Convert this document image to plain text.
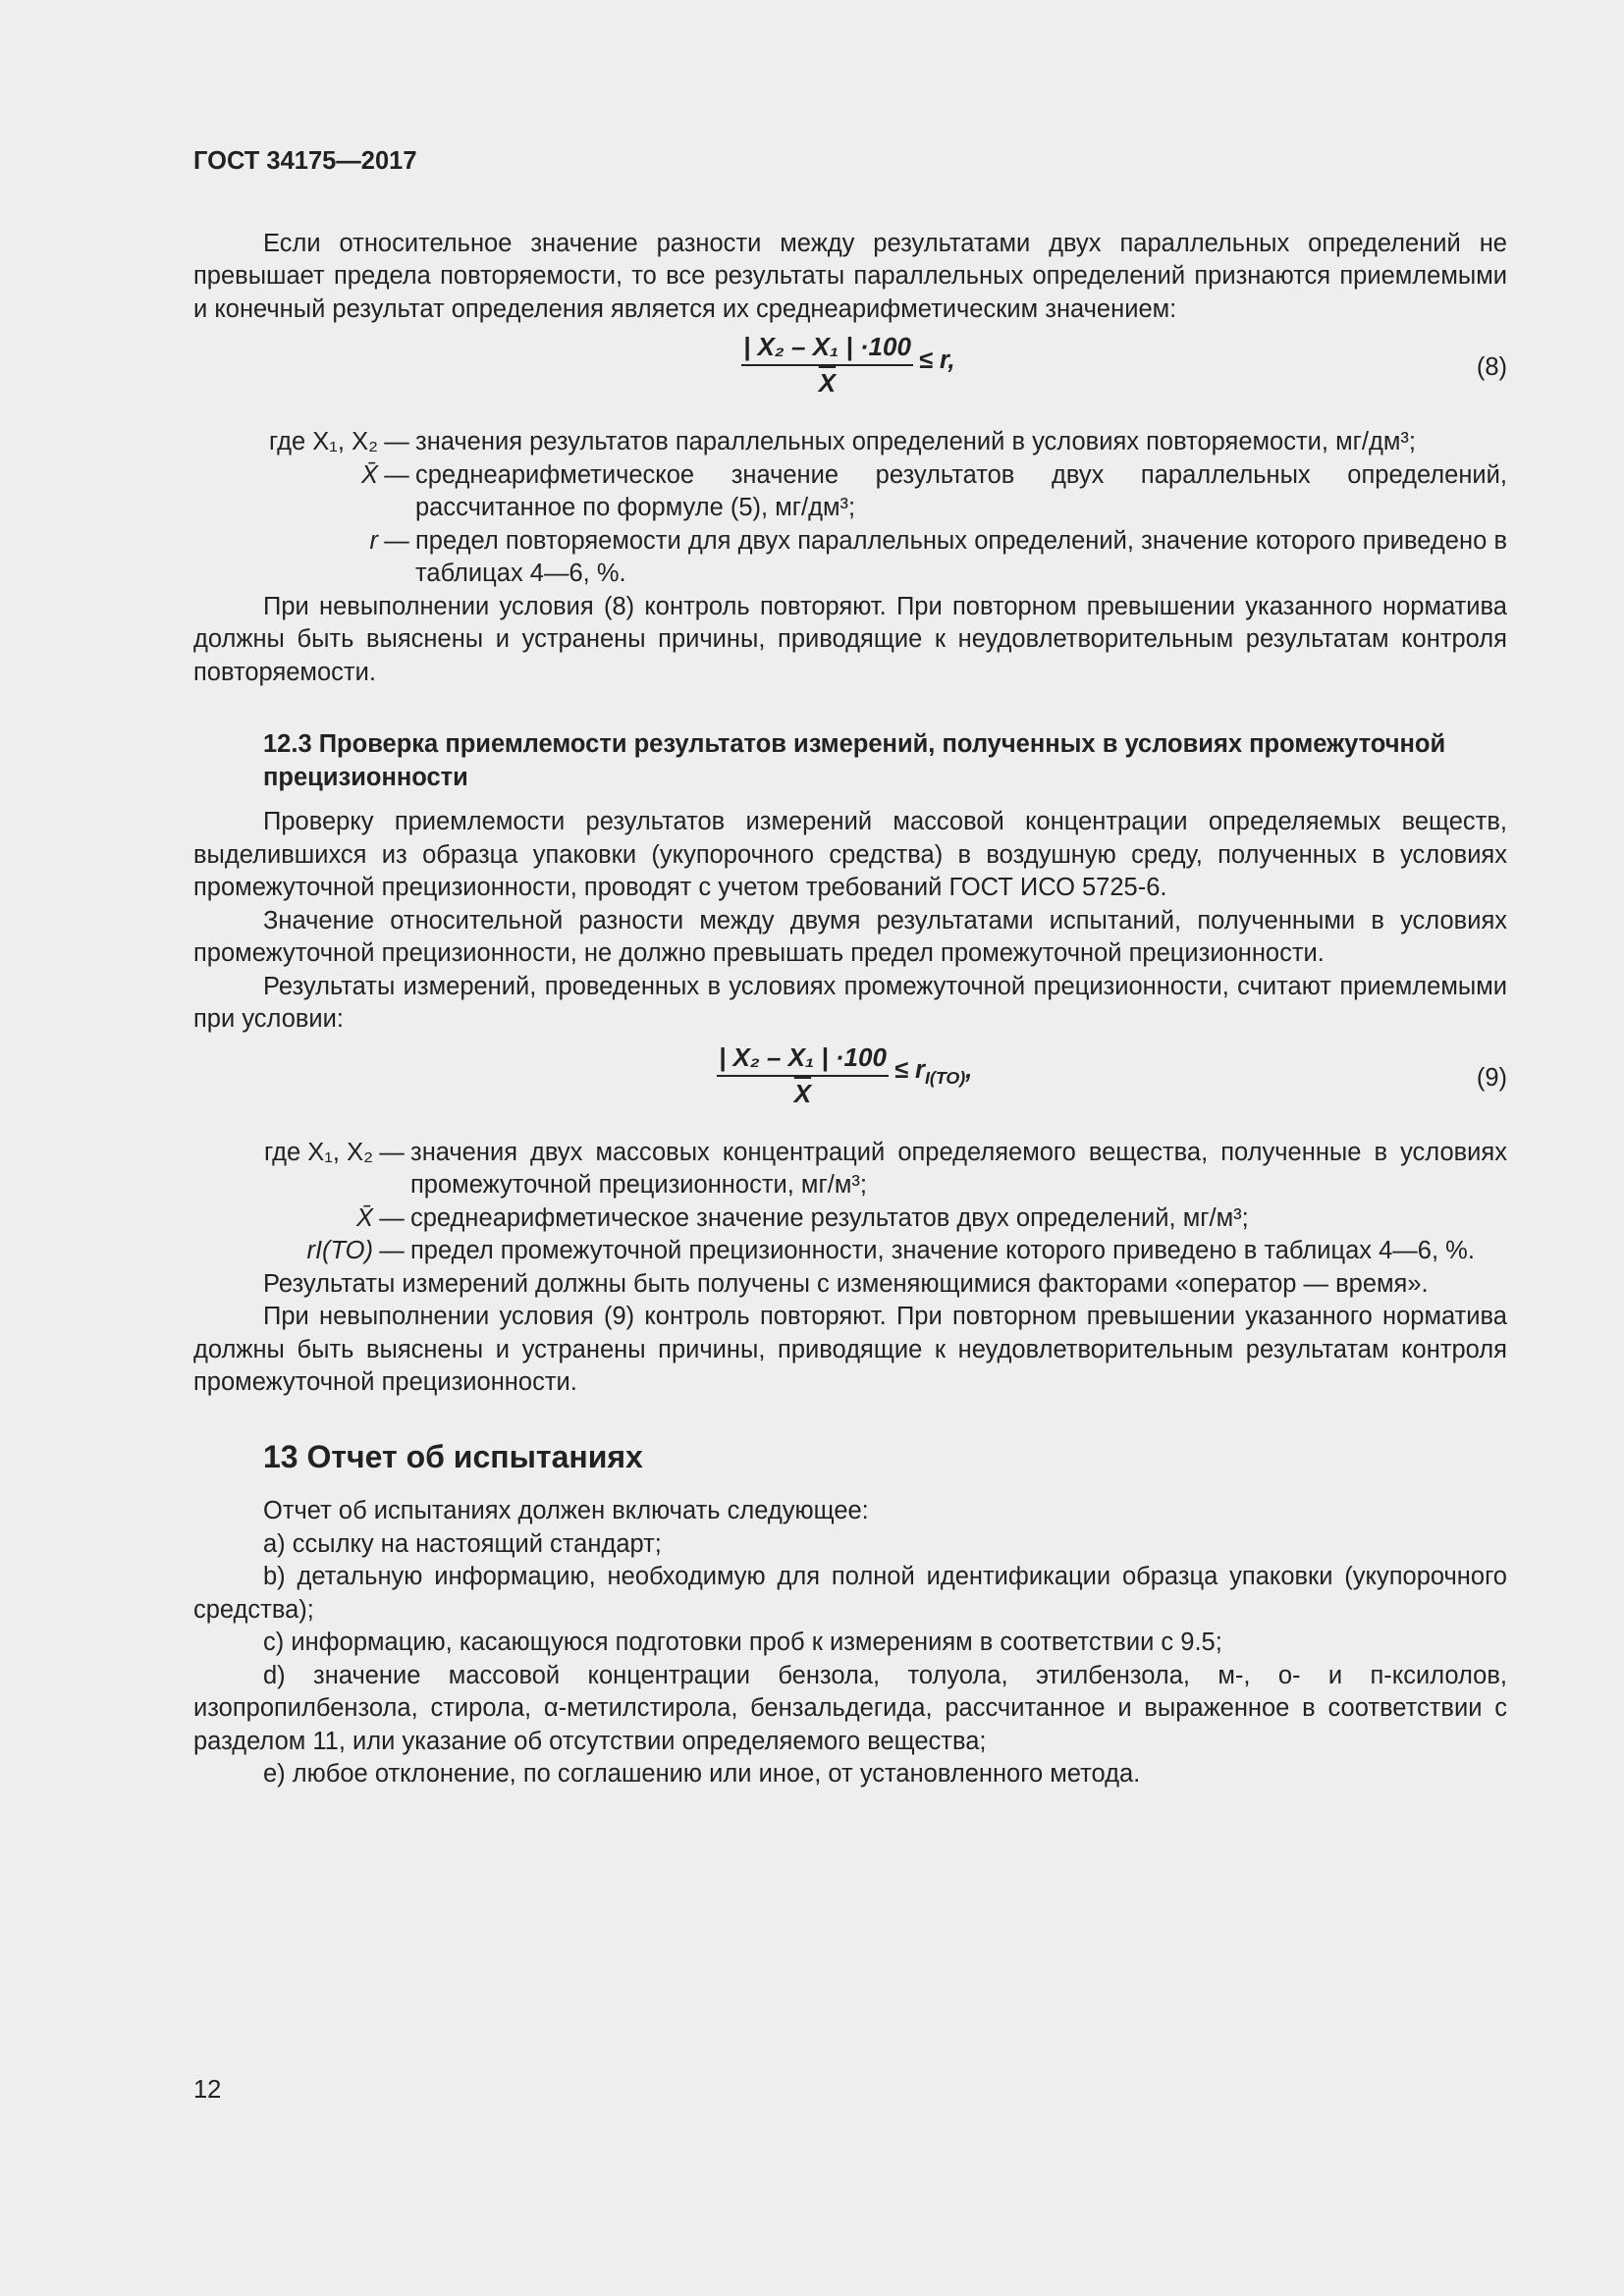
ГОСТ 34175—2017

Если относительное значение разности между результатами двух параллельных определений не превышает предела повторяемости, то все результаты параллельных определений признаются приемлемыми и конечный результат определения является их среднеарифметическим значением:

$\frac{\text{| X₂ – X₁ | ·100}}{X} \le r$,	(8)
где X₁, X₂ — значения результатов параллельных определений в условиях повторяемости, мг/дм³;
X̄ — среднеарифметическое значение результатов двух параллельных определений, рассчитанное по формуле (5), мг/дм³;
r — предел повторяемости для двух параллельных определений, значение которого приведено в таблицах 4—6, %.

При невыполнении условия (8) контроль повторяют. При повторном превышении указанного норматива должны быть выяснены и устранены причины, приводящие к неудовлетворительным результатам контроля повторяемости.

12.3 Проверка приемлемости результатов измерений, полученных в условиях промежуточной прецизионности

Проверку приемлемости результатов измерений массовой концентрации определяемых веществ, выделившихся из образца упаковки (укупорочного средства) в воздушную среду, полученных в условиях промежуточной прецизионности, проводят с учетом требований ГОСТ ИСО 5725-6.

Значение относительной разности между двумя результатами испытаний, полученными в условиях промежуточной прецизионности, не должно превышать предел промежуточной прецизионности.

Результаты измерений, проведенных в условиях промежуточной прецизионности, считают приемлемыми при условии:

$\frac{\text{| X₂ – X₁ | ·100}}{X} \le r_{I(TO)}$,	(9)
где X₁, X₂ — значения двух массовых концентраций определяемого вещества, полученные в условиях промежуточной прецизионности, мг/м³;
X̄ — среднеарифметическое значение результатов двух определений, мг/м³;
rI(TO) — предел промежуточной прецизионности, значение которого приведено в таблицах 4—6, %.

Результаты измерений должны быть получены с изменяющимися факторами «оператор — время».

При невыполнении условия (9) контроль повторяют. При повторном превышении указанного норматива должны быть выяснены и устранены причины, приводящие к неудовлетворительным результатам контроля промежуточной прецизионности.

13 Отчет об испытаниях

Отчет об испытаниях должен включать следующее:

a) ссылку на настоящий стандарт;

b) детальную информацию, необходимую для полной идентификации образца упаковки (укупорочного средства);

c) информацию, касающуюся подготовки проб к измерениям в соответствии с 9.5;

d) значение массовой концентрации бензола, толуола, этилбензола, м-, о- и п-ксилолов, изопропилбензола, стирола, α-метилстирола, бензальдегида, рассчитанное и выраженное в соответствии с разделом 11, или указание об отсутствии определяемого вещества;

e) любое отклонение, по соглашению или иное, от установленного метода.

12
